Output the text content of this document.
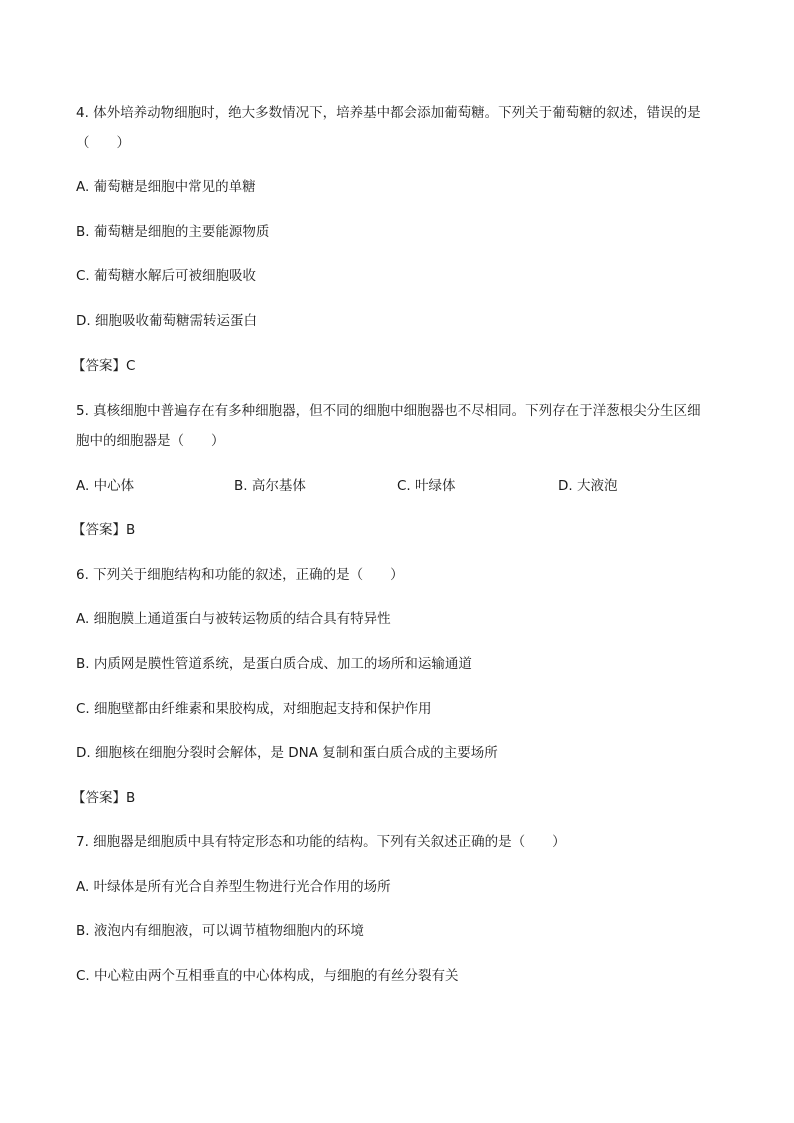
4. 体外培养动物细胞时，绝大多数情况下，培养基中都会添加葡萄糖。下列关于葡萄糖的叙述，错误的是
（　　）
A. 葡萄糖是细胞中常见的单糖
B. 葡萄糖是细胞的主要能源物质
C. 葡萄糖水解后可被细胞吸收
D. 细胞吸收葡萄糖需转运蛋白
【答案】C
5. 真核细胞中普遍存在有多种细胞器，但不同的细胞中细胞器也不尽相同。下列存在于洋葱根尖分生区细
胞中的细胞器是（　　）
A. 中心体	B. 高尔基体	C. 叶绿体	D. 大液泡
【答案】B
6. 下列关于细胞结构和功能的叙述，正确的是（　　）
A. 细胞膜上通道蛋白与被转运物质的结合具有特异性
B. 内质网是膜性管道系统，是蛋白质合成、加工的场所和运输通道
C. 细胞壁都由纤维素和果胶构成，对细胞起支持和保护作用
D. 细胞核在细胞分裂时会解体，是 DNA 复制和蛋白质合成的主要场所
【答案】B
7. 细胞器是细胞质中具有特定形态和功能的结构。下列有关叙述正确的是（　　）
A. 叶绿体是所有光合自养型生物进行光合作用的场所
B. 液泡内有细胞液，可以调节植物细胞内的环境
C. 中心粒由两个互相垂直的中心体构成，与细胞的有丝分裂有关
